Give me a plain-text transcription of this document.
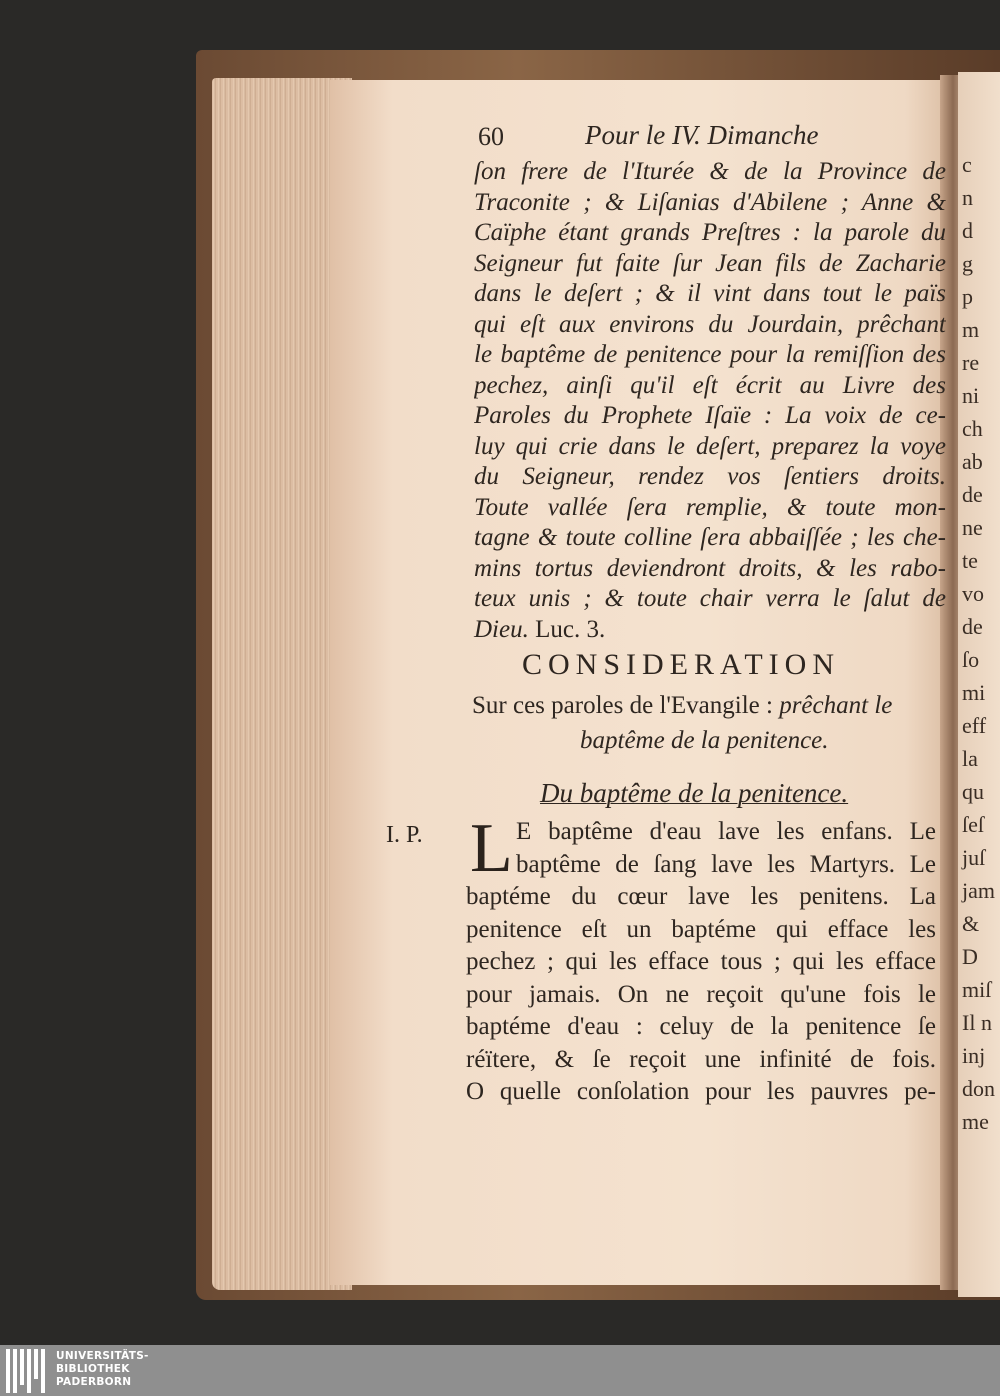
c
n
d
g
p
m
re
ni
ch
ab
de
ne
te
vo
de
ſo
mi
eff
la
qu
ſeſ
juſ
jam
&
D
miſ
Il n
inj
don
me
60	Pour le IV. Dimanche
ſon frere de l'Iturée & de la Province de
Traconite ; & Liſanias d'Abilene ; Anne &
Caïphe étant grands Preſtres : la parole du
Seigneur fut faite ſur Jean fils de Zacharie
dans le deſert ; & il vint dans tout le païs
qui eſt aux environs du Jourdain, prêchant
le baptême de penitence pour la remiſſion des
pechez, ainſi qu'il eſt écrit au Livre des
Paroles du Prophete Iſaïe : La voix de ce-
luy qui crie dans le deſert, preparez la voye
du Seigneur, rendez vos ſentiers droits.
Toute vallée ſera remplie, & toute mon-
tagne & toute colline ſera abbaiſſée ; les che-
mins tortus deviendront droits, & les rabo-
teux unis ; & toute chair verra le ſalut de
Dieu. Luc. 3.
CONSIDERATION
Sur ces paroles de l'Evangile : prêchant le
baptême de la penitence.
Du baptême de la penitence.
I. P. L E baptême d'eau lave les enfans. Le
baptême de ſang lave les Martyrs. Le
baptéme du cœur lave les penitens. La
penitence eſt un baptéme qui efface les
pechez ; qui les efface tous ; qui les efface
pour jamais. On ne reçoit qu'une fois le
baptéme d'eau : celuy de la penitence ſe
réïtere, & ſe reçoit une infinité de fois.
O quelle conſolation pour les pauvres pe-
UNIVERSITÄTS-
BIBLIOTHEK
PADERBORN
